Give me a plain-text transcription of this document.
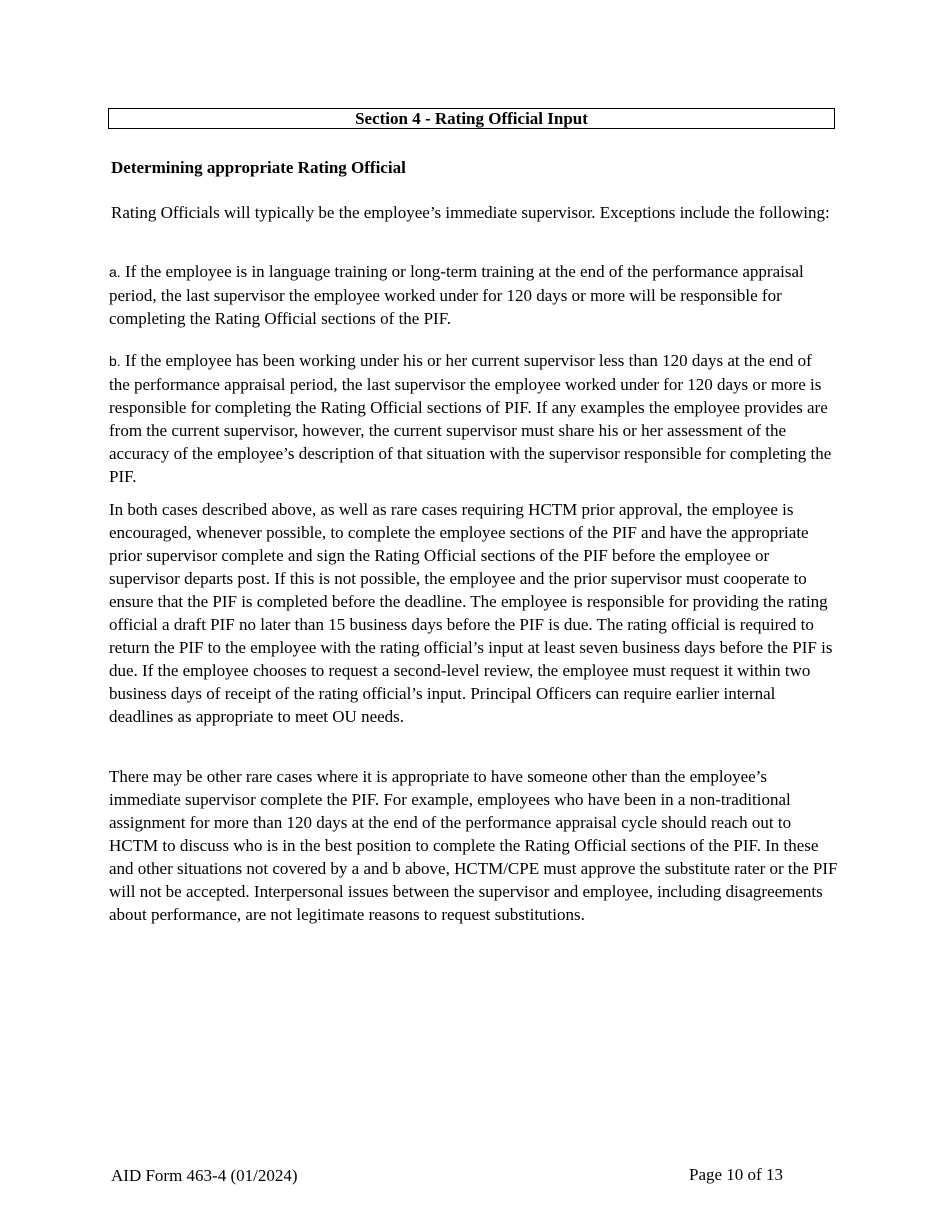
Section 4 - Rating Official Input

Determining appropriate Rating Official

Rating Officials will typically be the employee’s immediate supervisor. Exceptions include the following:

a. If the employee is in language training or long-term training at the end of the performance appraisal period, the last supervisor the employee worked under for 120 days or more will be responsible for completing the Rating Official sections of the PIF.

b. If the employee has been working under his or her current supervisor less than 120 days at the end of the performance appraisal period, the last supervisor the employee worked under for 120 days or more is responsible for completing the Rating Official sections of PIF. If any examples the employee provides are from the current supervisor, however, the current supervisor must share his or her assessment of the accuracy of the employee’s description of that situation with the supervisor responsible for completing the PIF.

In both cases described above, as well as rare cases requiring HCTM prior approval, the employee is encouraged, whenever possible, to complete the employee sections of the PIF and have the appropriate prior supervisor complete and sign the Rating Official sections of the PIF before the employee or supervisor departs post. If this is not possible, the employee and the prior supervisor must cooperate to ensure that the PIF is completed before the deadline. The employee is responsible for providing the rating official a draft PIF no later than 15 business days before the PIF is due. The rating official is required to return the PIF to the employee with the rating official’s input at least seven business days before the PIF is due. If the employee chooses to request a second-level review, the employee must request it within two business days of receipt of the rating official’s input. Principal Officers can require earlier internal deadlines as appropriate to meet OU needs.

There may be other rare cases where it is appropriate to have someone other than the employee’s immediate supervisor complete the PIF. For example, employees who have been in a non-traditional assignment for more than 120 days at the end of the performance appraisal cycle should reach out to HCTM to discuss who is in the best position to complete the Rating Official sections of the PIF. In these and other situations not covered by a and b above, HCTM/CPE must approve the substitute rater or the PIF will not be accepted. Interpersonal issues between the supervisor and employee, including disagreements about performance, are not legitimate reasons to request substitutions.

AID Form 463-4 (01/2024)	Page 10 of 13
